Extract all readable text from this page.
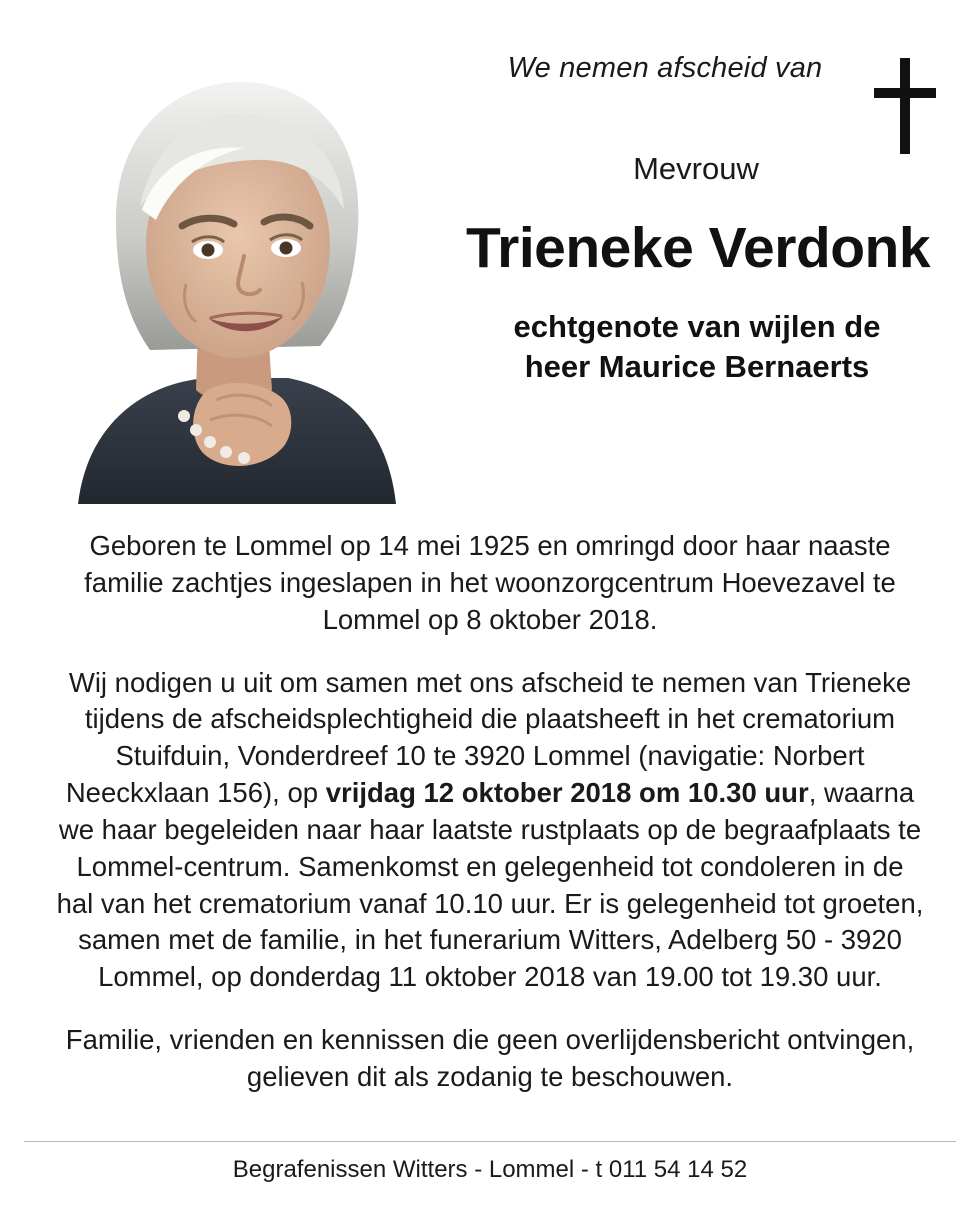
We nemen afscheid van
Mevrouw
Trieneke Verdonk
echtgenote van wijlen de
heer Maurice Bernaerts
Geboren te Lommel op 14 mei 1925 en omringd door haar naaste familie zachtjes ingeslapen in het woonzorgcentrum Hoevezavel te Lommel op 8 oktober 2018.
Wij nodigen u uit om samen met ons afscheid te nemen van Trieneke tijdens de afscheidsplechtigheid die plaatsheeft in het crematorium Stuifduin, Vonderdreef 10 te 3920 Lommel (navigatie: Norbert Neeckxlaan 156), op vrijdag 12 oktober 2018 om 10.30 uur, waarna we haar begeleiden naar haar laatste rustplaats op de begraafplaats te Lommel-centrum. Samenkomst en gelegenheid tot condoleren in de hal van het crematorium vanaf 10.10 uur. Er is gelegenheid tot groeten, samen met de familie, in het funerarium Witters, Adelberg 50 - 3920 Lommel, op donderdag 11 oktober 2018 van 19.00 tot 19.30 uur.
Familie, vrienden en kennissen die geen overlijdensbericht ontvingen, gelieven dit als zodanig te beschouwen.
Begrafenissen Witters - Lommel - t 011 54 14 52
